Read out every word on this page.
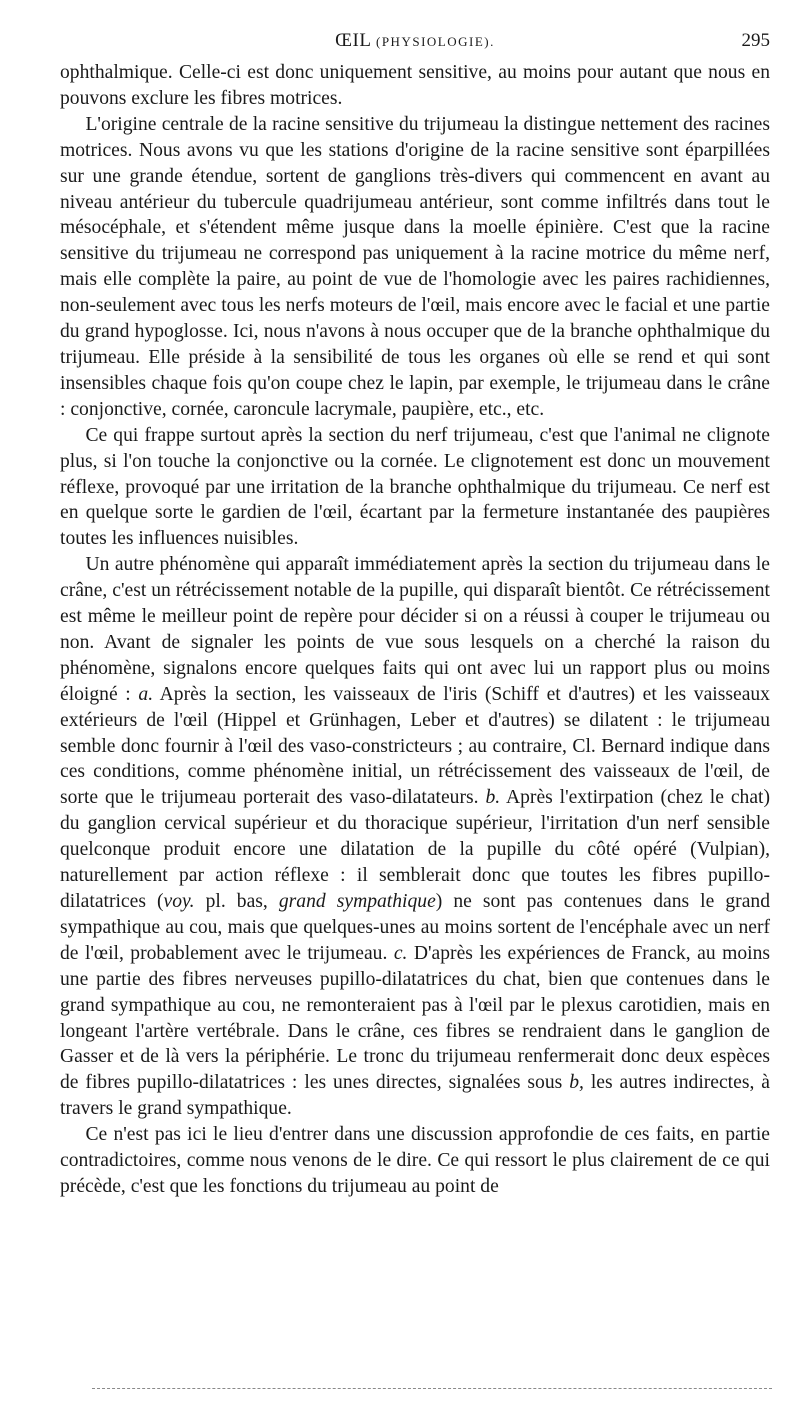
ŒIL (PHYSIOLOGIE).	295

ophthalmique. Celle-ci est donc uniquement sensitive, au moins pour autant que nous en pouvons exclure les fibres motrices.

L'origine centrale de la racine sensitive du trijumeau la distingue nettement des racines motrices. Nous avons vu que les stations d'origine de la racine sensitive sont éparpillées sur une grande étendue, sortent de ganglions très-divers qui commencent en avant au niveau antérieur du tubercule quadrijumeau antérieur, sont comme infiltrés dans tout le mésocéphale, et s'étendent même jusque dans la moelle épinière. C'est que la racine sensitive du trijumeau ne correspond pas uniquement à la racine motrice du même nerf, mais elle complète la paire, au point de vue de l'homologie avec les paires rachidiennes, non-seulement avec tous les nerfs moteurs de l'œil, mais encore avec le facial et une partie du grand hypoglosse. Ici, nous n'avons à nous occuper que de la branche ophthalmique du trijumeau. Elle préside à la sensibilité de tous les organes où elle se rend et qui sont insensibles chaque fois qu'on coupe chez le lapin, par exemple, le trijumeau dans le crâne : conjonctive, cornée, caroncule lacrymale, paupière, etc., etc.

Ce qui frappe surtout après la section du nerf trijumeau, c'est que l'animal ne clignote plus, si l'on touche la conjonctive ou la cornée. Le clignotement est donc un mouvement réflexe, provoqué par une irritation de la branche ophthalmique du trijumeau. Ce nerf est en quelque sorte le gardien de l'œil, écartant par la fermeture instantanée des paupières toutes les influences nuisibles.

Un autre phénomène qui apparaît immédiatement après la section du trijumeau dans le crâne, c'est un rétrécissement notable de la pupille, qui disparaît bientôt. Ce rétrécissement est même le meilleur point de repère pour décider si on a réussi à couper le trijumeau ou non. Avant de signaler les points de vue sous lesquels on a cherché la raison du phénomène, signalons encore quelques faits qui ont avec lui un rapport plus ou moins éloigné : a. Après la section, les vaisseaux de l'iris (Schiff et d'autres) et les vaisseaux extérieurs de l'œil (Hippel et Grünhagen, Leber et d'autres) se dilatent : le trijumeau semble donc fournir à l'œil des vaso-constricteurs ; au contraire, Cl. Bernard indique dans ces conditions, comme phénomène initial, un rétrécissement des vaisseaux de l'œil, de sorte que le trijumeau porterait des vaso-dilatateurs. b. Après l'extirpation (chez le chat) du ganglion cervical supérieur et du thoracique supérieur, l'irritation d'un nerf sensible quelconque produit encore une dilatation de la pupille du côté opéré (Vulpian), naturellement par action réflexe : il semblerait donc que toutes les fibres pupillo-dilatatrices (voy. pl. bas, grand sympathique) ne sont pas contenues dans le grand sympathique au cou, mais que quelques-unes au moins sortent de l'encéphale avec un nerf de l'œil, probablement avec le trijumeau. c. D'après les expériences de Franck, au moins une partie des fibres nerveuses pupillo-dilatatrices du chat, bien que contenues dans le grand sympathique au cou, ne remonteraient pas à l'œil par le plexus carotidien, mais en longeant l'artère vertébrale. Dans le crâne, ces fibres se rendraient dans le ganglion de Gasser et de là vers la périphérie. Le tronc du trijumeau renfermerait donc deux espèces de fibres pupillo-dilatatrices : les unes directes, signalées sous b, les autres indirectes, à travers le grand sympathique.

Ce n'est pas ici le lieu d'entrer dans une discussion approfondie de ces faits, en partie contradictoires, comme nous venons de le dire. Ce qui ressort le plus clairement de ce qui précède, c'est que les fonctions du trijumeau au point de
